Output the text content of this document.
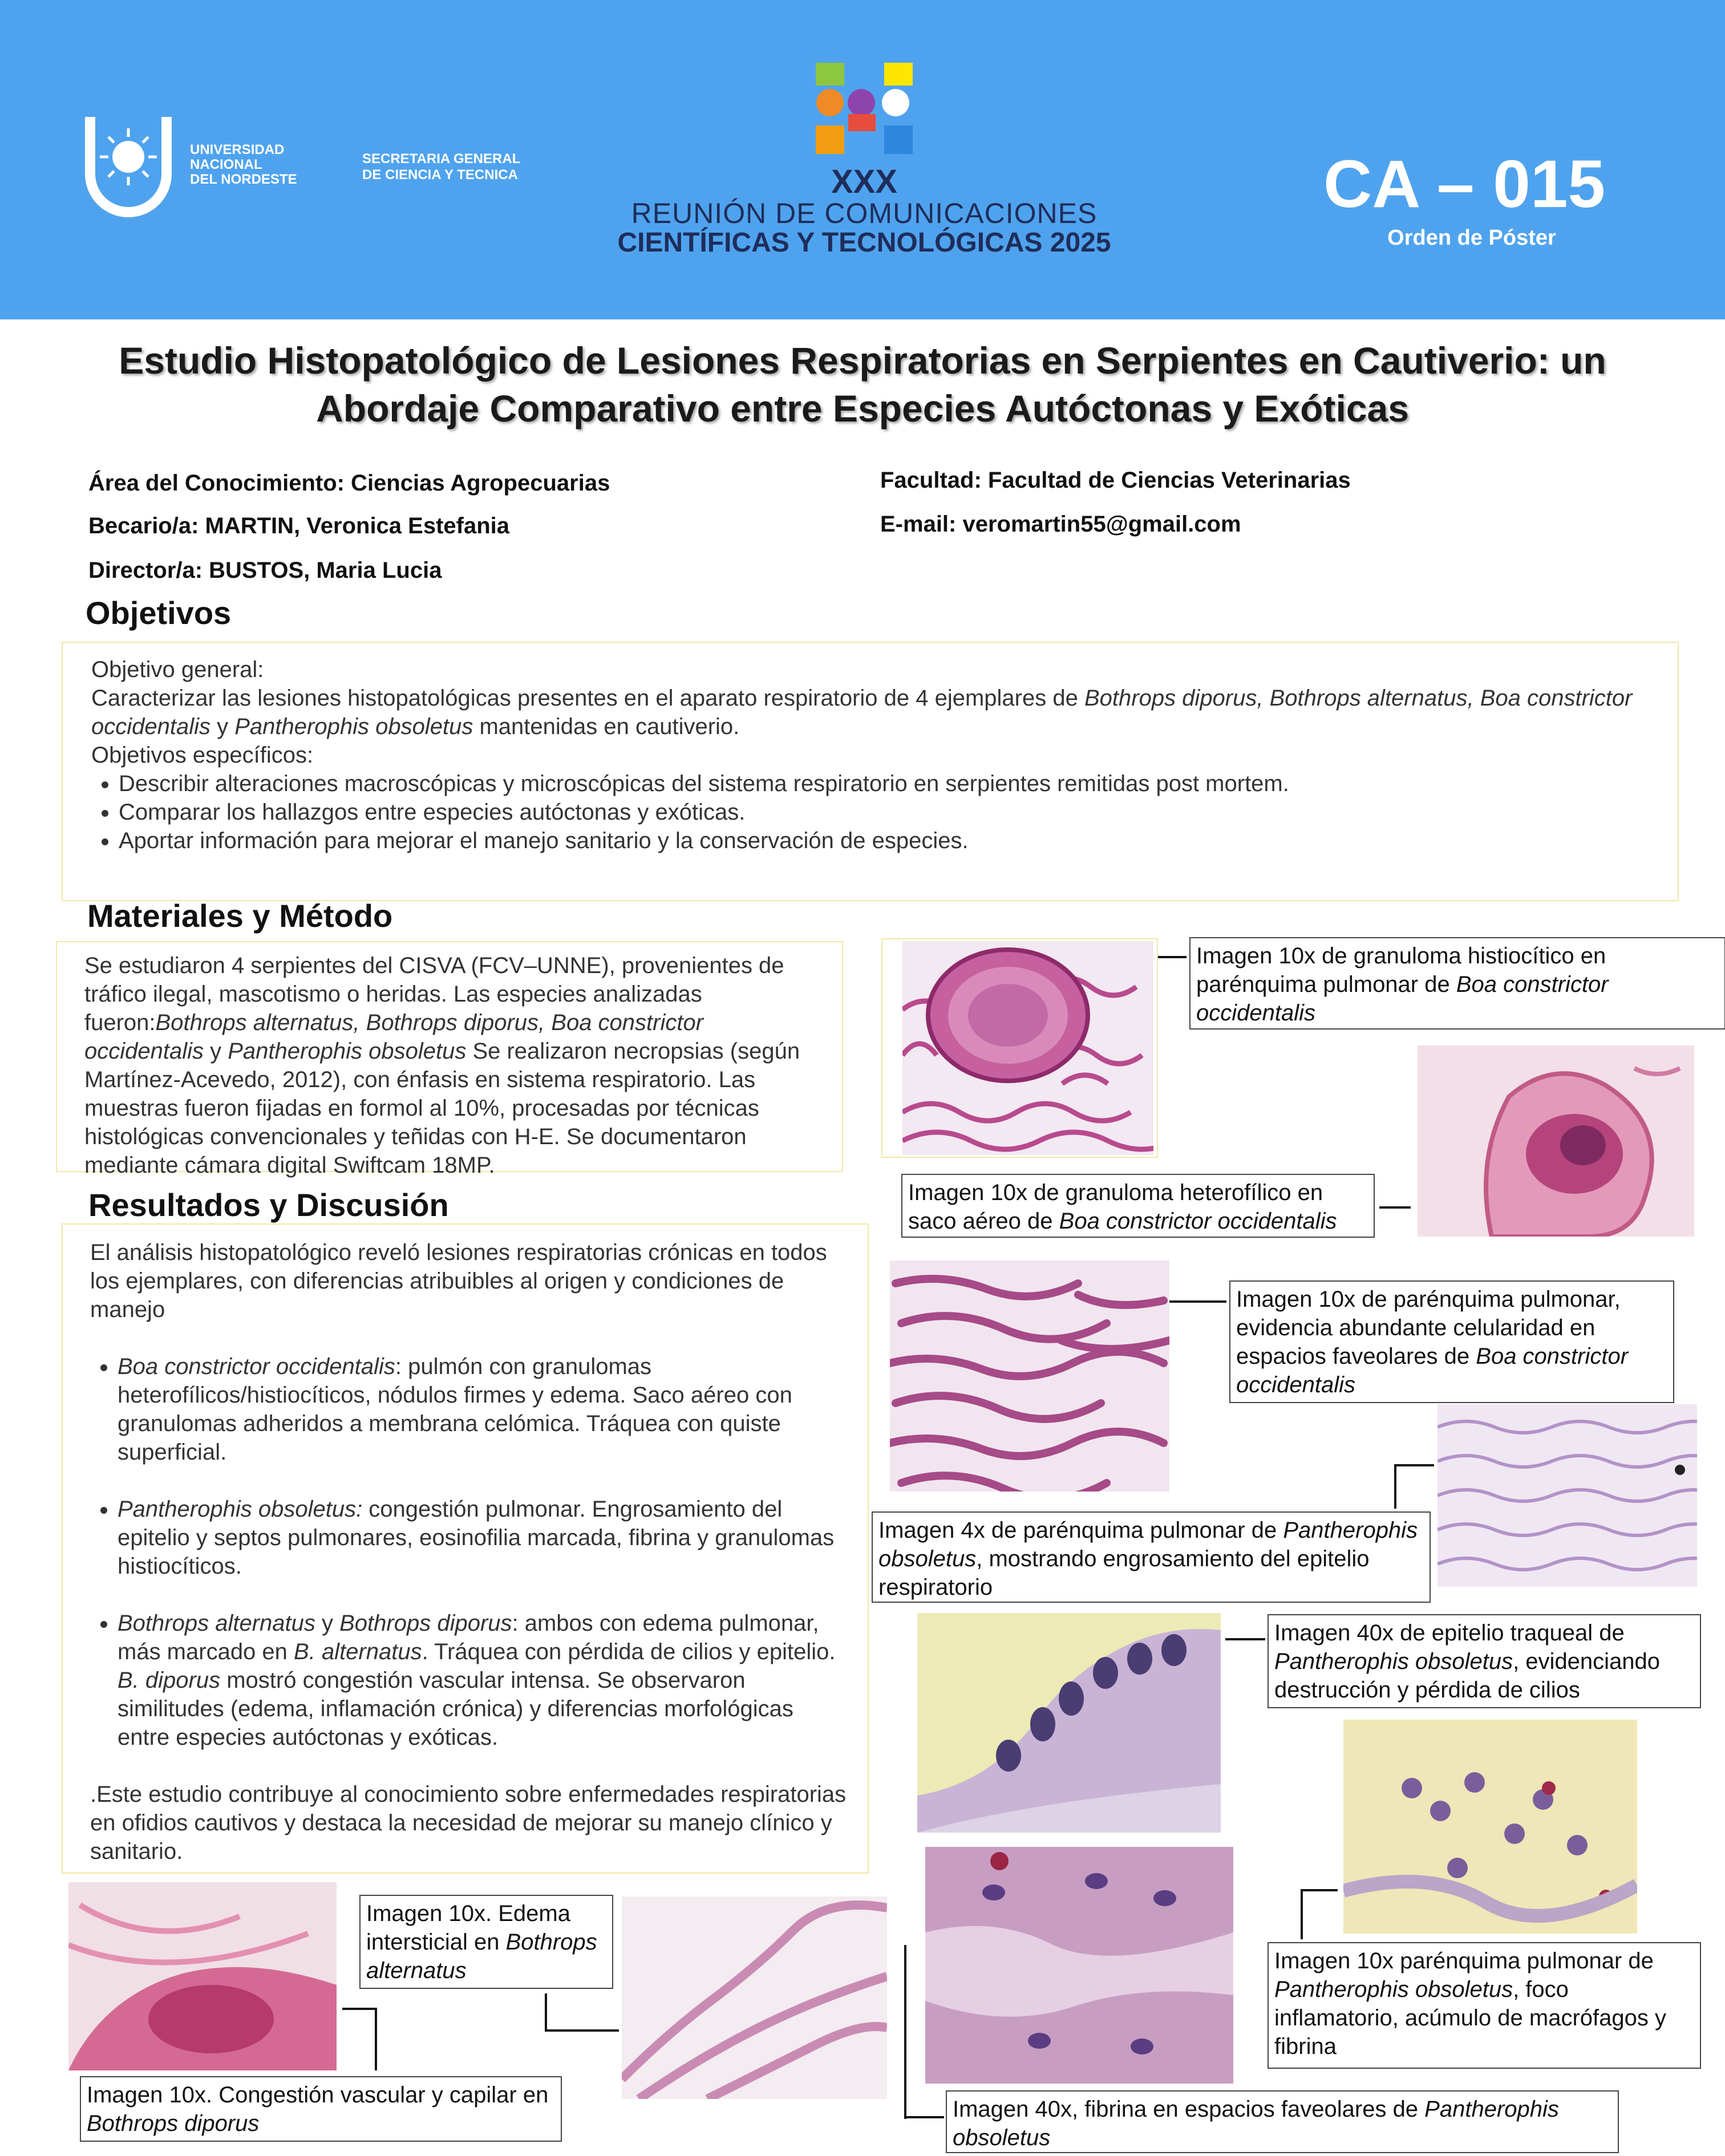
UNIVERSIDAD
NACIONAL
DEL NORDESTE
SECRETARIA GENERAL
DE CIENCIA Y TECNICA	XXX
REUNIÓN DE COMUNICACIONES
CIENTÍFICAS Y TECNOLÓGICAS 2025
CA – 015
Orden de Póster
Estudio Histopatológico de Lesiones Respiratorias en Serpientes en Cautiverio: un Abordaje Comparativo entre Especies Autóctonas y Exóticas
Área del Conocimiento: Ciencias Agropecuarias
Becario/a: MARTIN, Veronica Estefania
Director/a: BUSTOS, Maria Lucia
Facultad: Facultad de Ciencias Veterinarias
E-mail: veromartin55@gmail.com
Objetivos
Objetivo general:
Caracterizar las lesiones histopatológicas presentes en el aparato respiratorio de 4 ejemplares de Bothrops diporus, Bothrops alternatus, Boa constrictor occidentalis y Pantherophis obsoletus mantenidas en cautiverio.
Objetivos específicos:
• Describir alteraciones macroscópicas y microscópicas del sistema respiratorio en serpientes remitidas post mortem.
• Comparar los hallazgos entre especies autóctonas y exóticas.
• Aportar información para mejorar el manejo sanitario y la conservación de especies.
Materiales y Método
Se estudiaron 4 serpientes del CISVA (FCV–UNNE), provenientes de tráfico ilegal, mascotismo o heridas. Las especies analizadas fueron:Bothrops alternatus, Bothrops diporus, Boa constrictor occidentalis y Pantherophis obsoletus Se realizaron necropsias (según Martínez-Acevedo, 2012), con énfasis en sistema respiratorio. Las muestras fueron fijadas en formol al 10%, procesadas por técnicas histológicas convencionales y teñidas con H-E. Se documentaron mediante cámara digital Swiftcam 18MP.
Resultados y Discusión
El análisis histopatológico reveló lesiones respiratorias crónicas en todos los ejemplares, con diferencias atribuibles al origen y condiciones de manejo
• Boa constrictor occidentalis: pulmón con granulomas heterofílicos/histiocíticos, nódulos firmes y edema. Saco aéreo con granulomas adheridos a membrana celómica. Tráquea con quiste superficial.
• Pantherophis obsoletus: congestión pulmonar. Engrosamiento del epitelio y septos pulmonares, eosinofilia marcada, fibrina y granulomas histiocíticos.
• Bothrops alternatus y Bothrops diporus: ambos con edema pulmonar, más marcado en B. alternatus. Tráquea con pérdida de cilios y epitelio. B. diporus mostró congestión vascular intensa. Se observaron similitudes (edema, inflamación crónica) y diferencias morfológicas entre especies autóctonas y exóticas.
.Este estudio contribuye al conocimiento sobre enfermedades respiratorias en ofidios cautivos y destaca la necesidad de mejorar su manejo clínico y sanitario.
Imagen 10x de granuloma histiocítico en parénquima pulmonar de Boa constrictor occidentalis
Imagen 10x de granuloma heterofílico en saco aéreo de Boa constrictor occidentalis
Imagen 10x de parénquima pulmonar, evidencia abundante celularidad en espacios faveolares de Boa constrictor occidentalis
Imagen 4x de parénquima pulmonar de Pantherophis obsoletus, mostrando engrosamiento del epitelio respiratorio
Imagen 40x de epitelio traqueal de Pantherophis obsoletus, evidenciando destrucción y pérdida de cilios
Imagen 10x parénquima pulmonar de Pantherophis obsoletus, foco inflamatorio, acúmulo de macrófagos y fibrina
Imagen 40x, fibrina en espacios faveolares de Pantherophis obsoletus
Imagen 10x. Edema intersticial en Bothrops alternatus
Imagen 10x. Congestión vascular y capilar en Bothrops diporus
